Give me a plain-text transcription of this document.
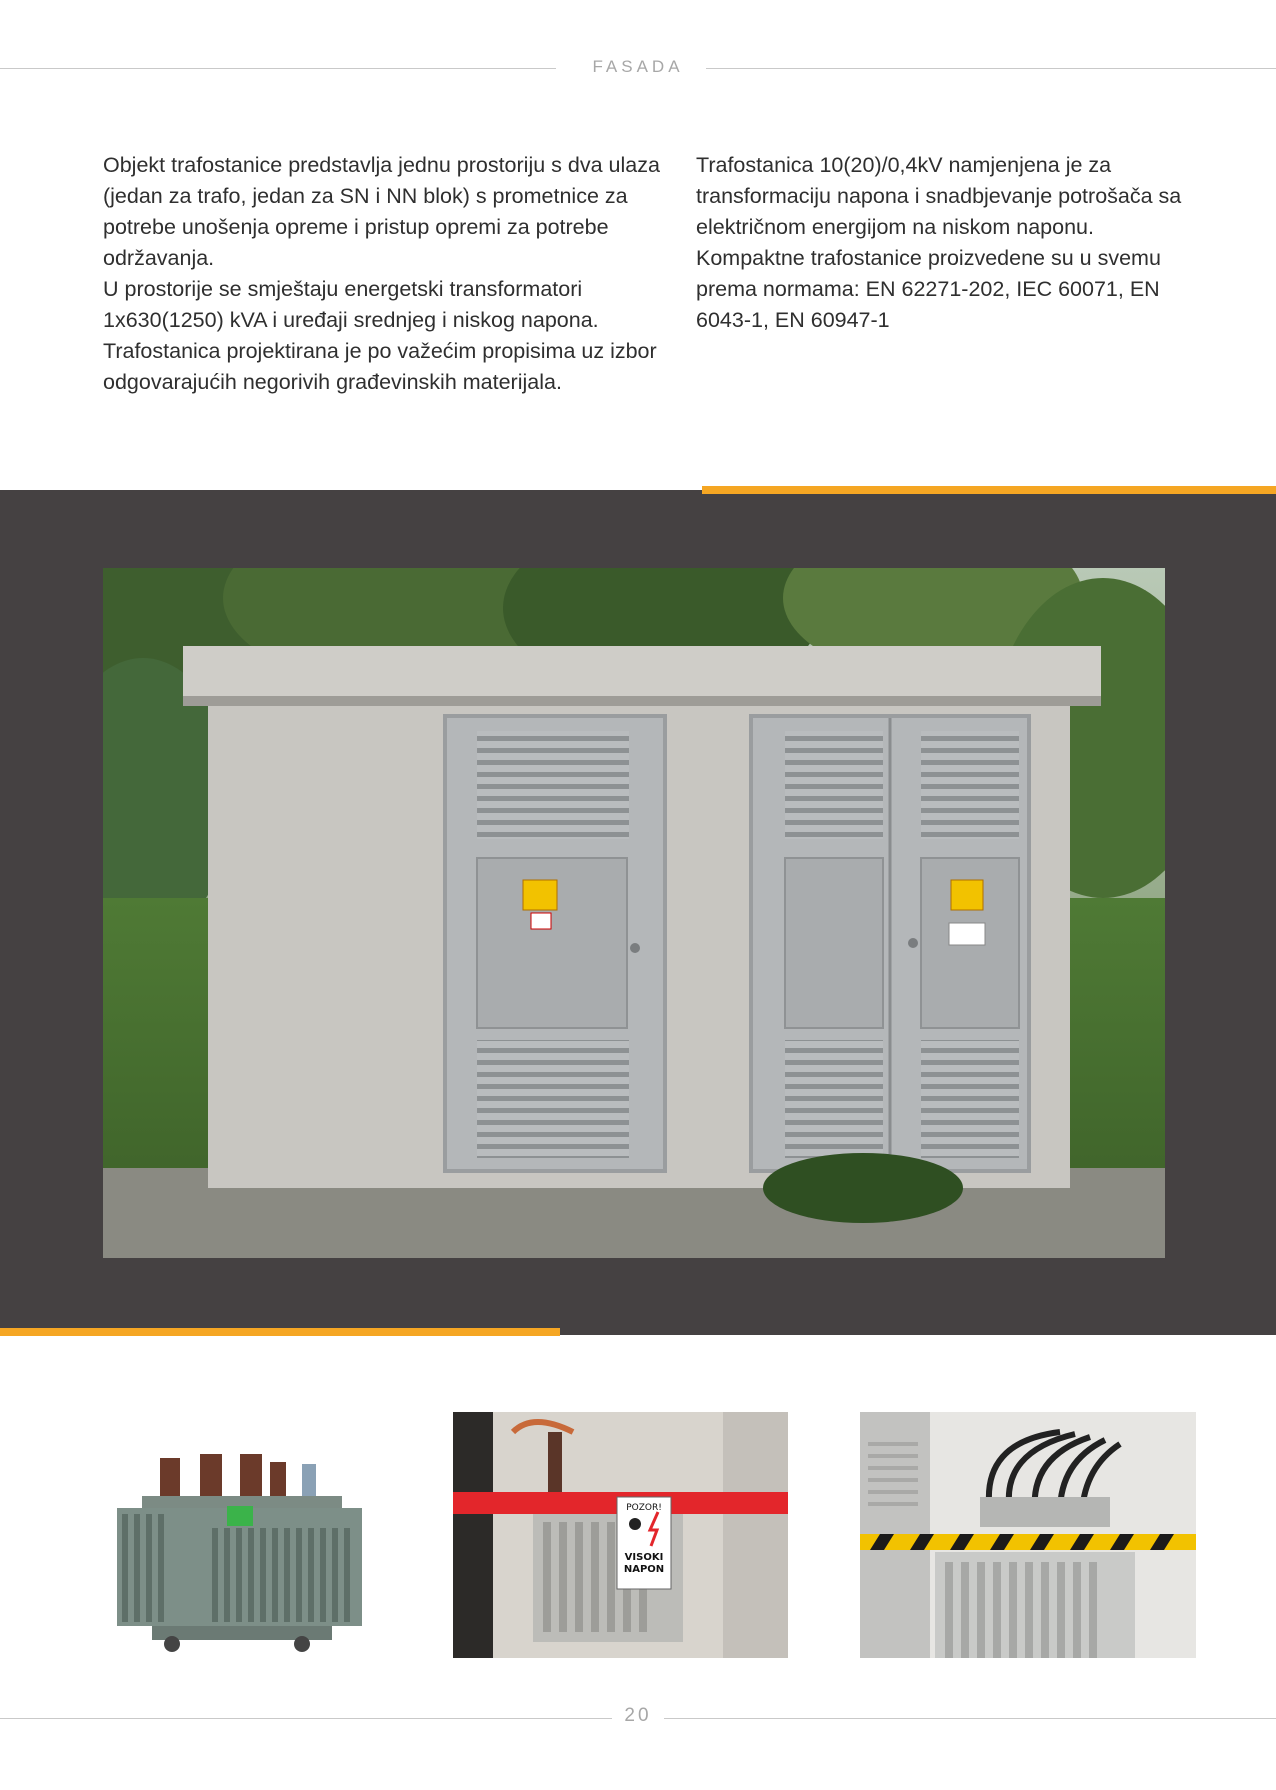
FASADA

Objekt trafostanice predstavlja jednu prostoriju s dva ulaza (jedan za trafo, jedan za SN i NN blok) s prometnice za potrebe unošenja opreme i pristup opremi za potrebe održavanja.

U prostorije se smještaju energetski transformatori 1x630(1250) kVA i uređaji srednjeg i niskog napona.

Trafostanica projektirana je po važećim propisima uz izbor odgovarajućih negorivih građevinskih materijala.

Trafostanica 10(20)/0,4kV namjenjena je za transformaciju napona i snadbjevanje potrošača sa električnom energijom na niskom naponu.

Kompaktne trafostanice proizvedene su u svemu prema normama: EN 62271-202, IEC 60071, EN 6043-1, EN 60947-1

POZOR!
VISOKI
NAPON
20
